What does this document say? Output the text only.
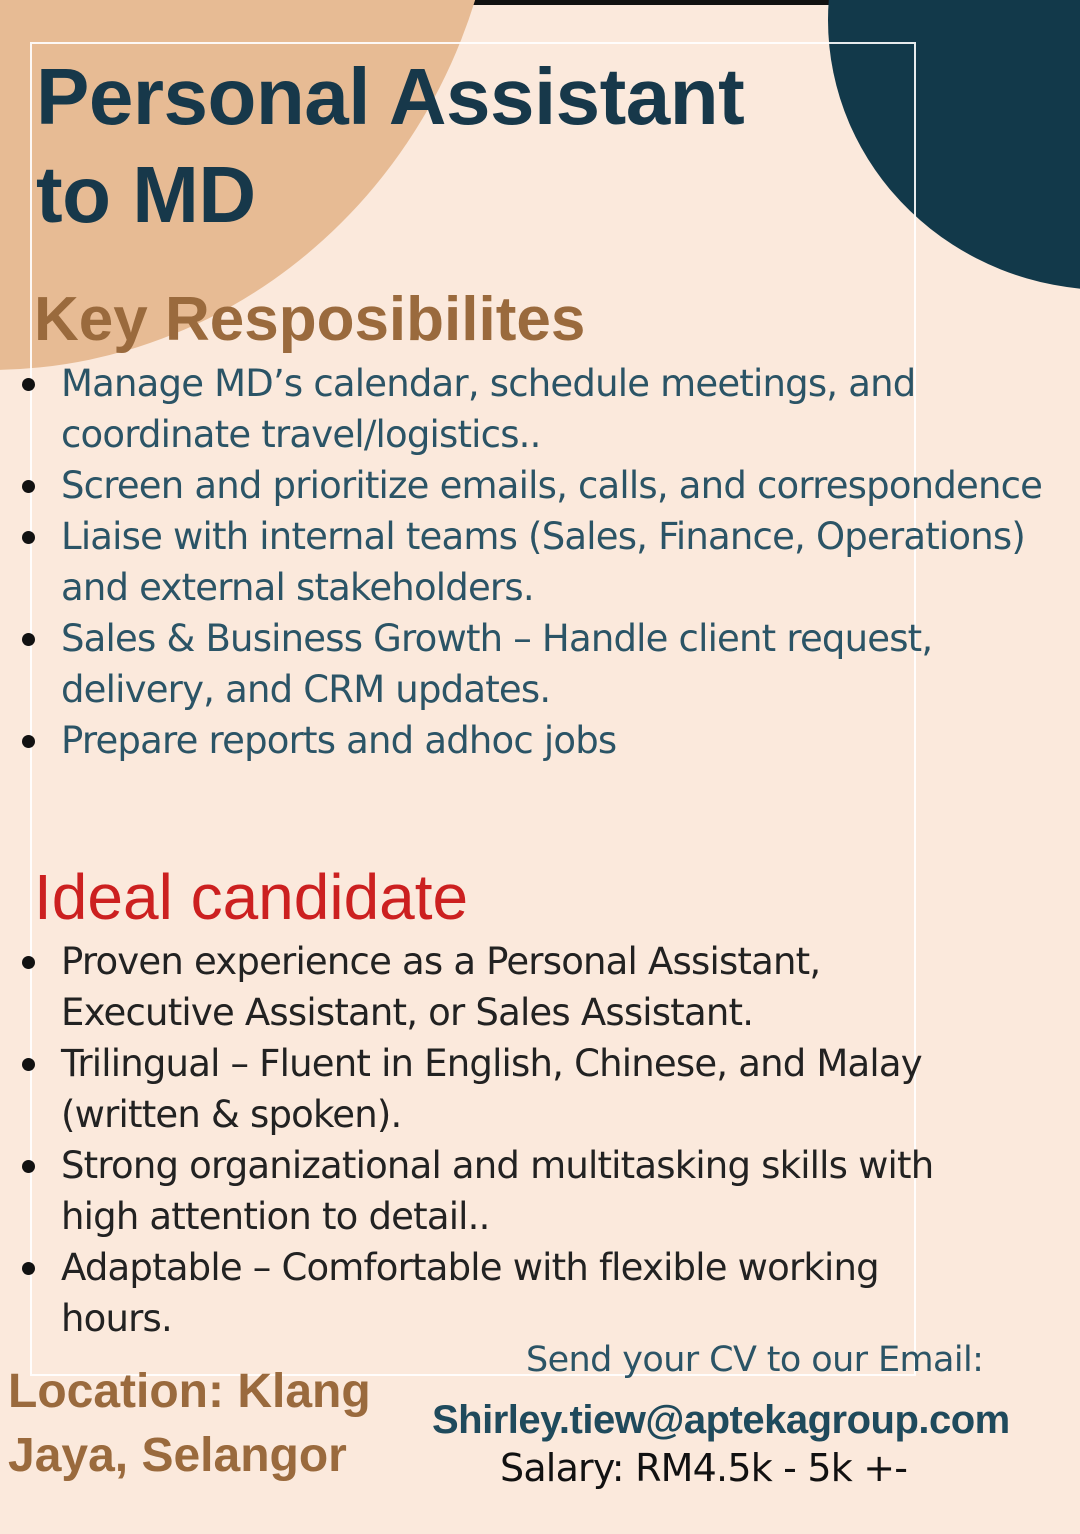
Personal Assistant
to MD
Key Resposibilites
Manage MD’s calendar, schedule meetings, and coordinate travel/logistics..
Screen and prioritize emails, calls, and correspondence
Liaise with internal teams (Sales, Finance, Operations) and external stakeholders.
Sales & Business Growth – Handle client request, delivery, and CRM updates.
Prepare reports and adhoc jobs
Ideal candidate
Proven experience as a Personal Assistant, Executive Assistant, or Sales Assistant.
Trilingual – Fluent in English, Chinese, and Malay (written & spoken).
Strong organizational and multitasking skills with high attention to detail..
Adaptable – Comfortable with flexible working hours.

Location: Klang Jaya, Selangor

Send your CV to our Email:
Shirley.tiew@aptekagroup.com
Salary: RM4.5k - 5k +-
